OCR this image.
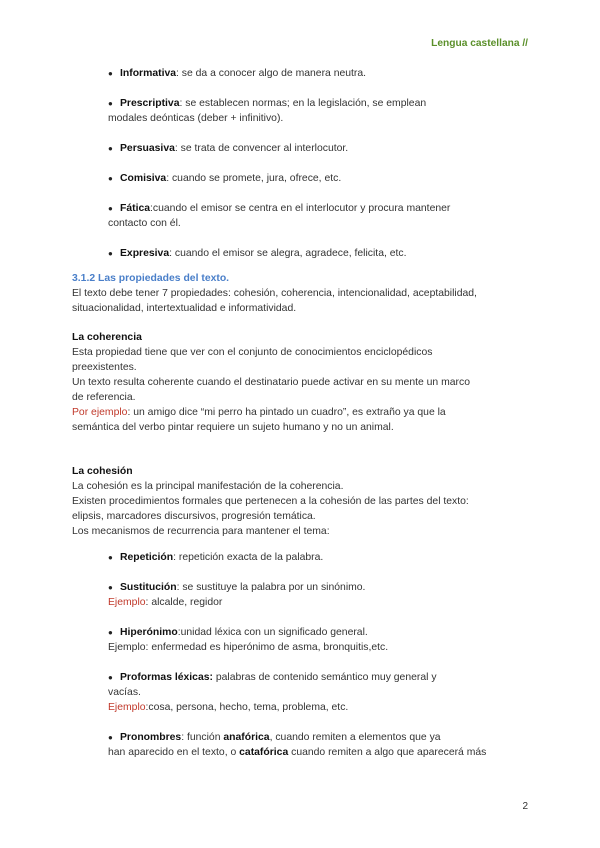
Lengua castellana //

● Informativa: se da a conocer algo de manera neutra.

● Prescriptiva: se establecen normas; en la legislación, se emplean

modales deónticas (deber + infinitivo).

● Persuasiva: se trata de convencer al interlocutor.

● Comisiva: cuando se promete, jura, ofrece, etc.

● Fática:cuando el emisor se centra en el interlocutor y procura mantener

contacto con él.

● Expresiva: cuando el emisor se alegra, agradece, felicita, etc.

3.1.2 Las propiedades del texto.

El texto debe tener 7 propiedades: cohesión, coherencia, intencionalidad, aceptabilidad,

situacionalidad, intertextualidad e informatividad.

La coherencia

Esta propiedad tiene que ver con el conjunto de conocimientos enciclopédicos

preexistentes.

Un texto resulta coherente cuando el destinatario puede activar en su mente un marco

de referencia.

Por ejemplo: un amigo dice “mi perro ha pintado un cuadro”, es extraño ya que la

semántica del verbo pintar requiere un sujeto humano y no un animal.

La cohesión

La cohesión es la principal manifestación de la coherencia.

Existen procedimientos formales que pertenecen a la cohesión de las partes del texto:

elipsis, marcadores discursivos, progresión temática.

Los mecanismos de recurrencia para mantener el tema:

● Repetición: repetición exacta de la palabra.

● Sustitución: se sustituye la palabra por un sinónimo.

Ejemplo: alcalde, regidor

● Hiperónimo:unidad léxica con un significado general.

Ejemplo: enfermedad es hiperónimo de asma, bronquitis,etc.

● Proformas léxicas: palabras de contenido semántico muy general y

vacías.

Ejemplo:cosa, persona, hecho, tema, problema, etc.

● Pronombres: función anafórica, cuando remiten a elementos que ya

han aparecido en el texto, o catafórica cuando remiten a algo que aparecerá más

2
